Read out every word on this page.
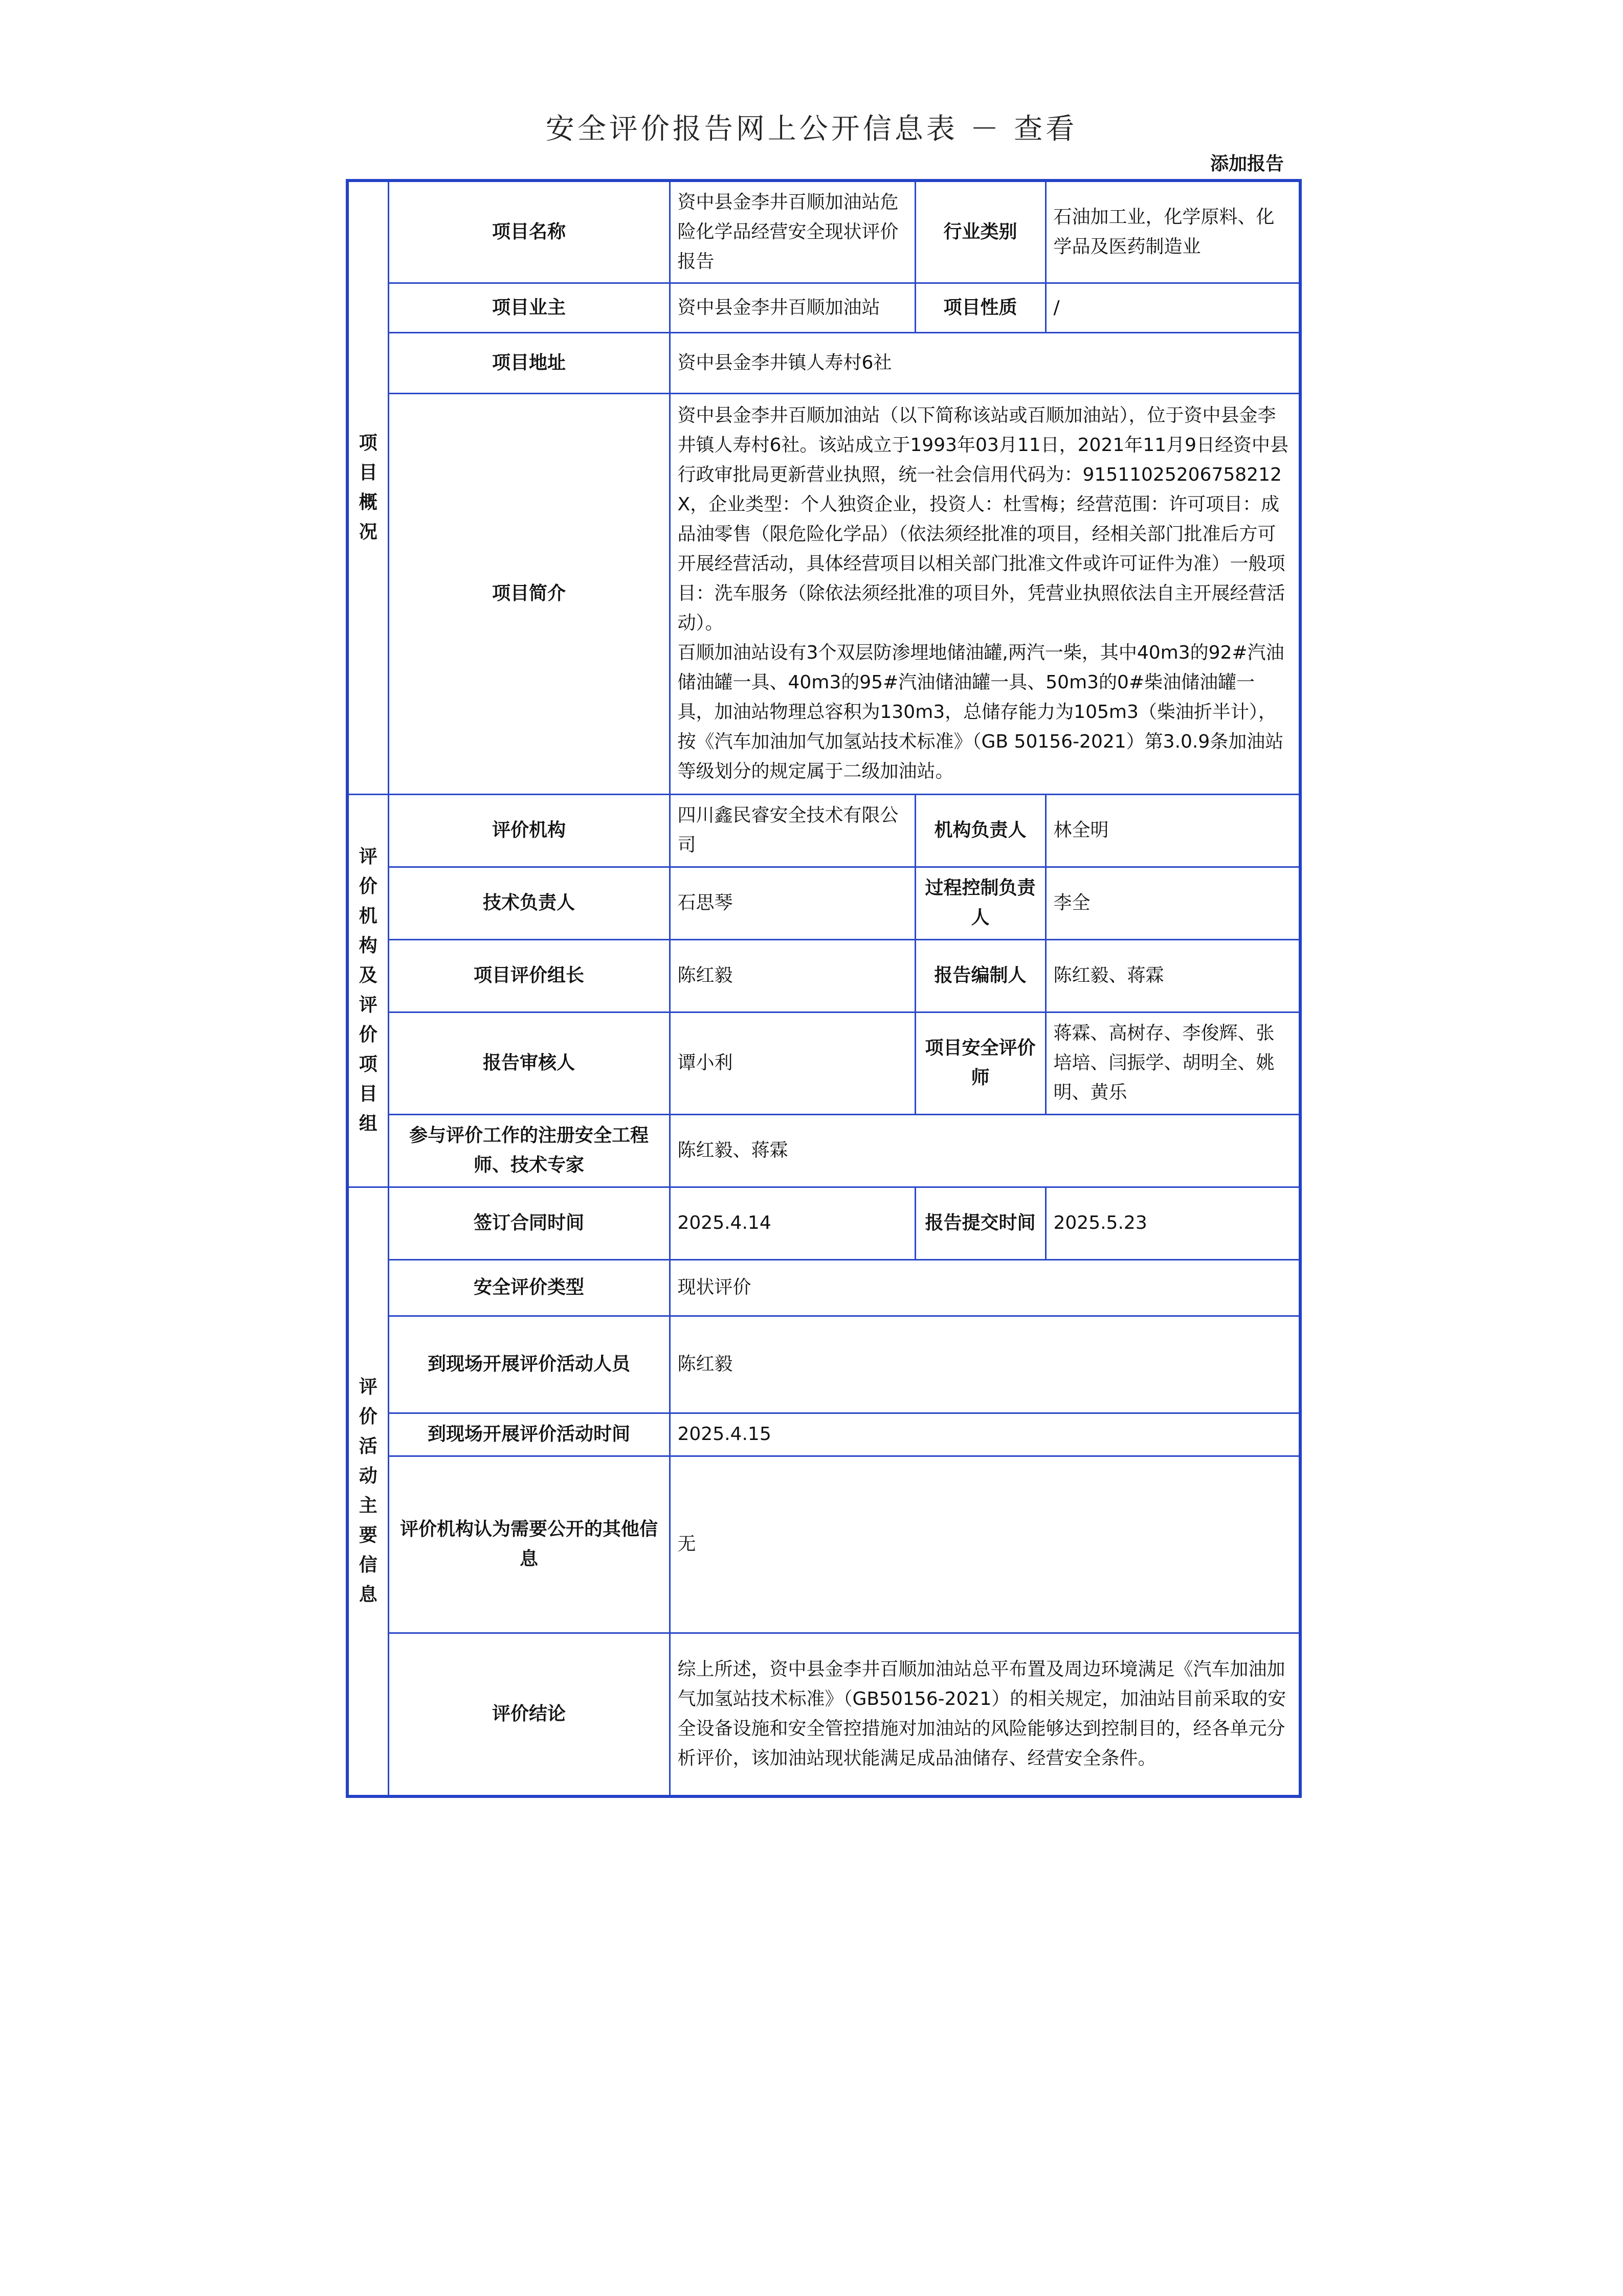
安全评价报告网上公开信息表 － 查看
添加报告
项目概况	项目名称	资中县金李井百顺加油站危险化学品经营安全现状评价报告	行业类别	石油加工业，化学原料、化学品及医药制造业
	项目业主	资中县金李井百顺加油站	项目性质	/
	项目地址	资中县金李井镇人寿村6社		
	项目简介	资中县金李井百顺加油站（以下简称该站或百顺加油站），位于资中县金李井镇人寿村6社。该站成立于1993年03月11日，2021年11月9日经资中县行政审批局更新营业执照，统一社会信用代码为：91511025206758212X，企业类型：个人独资企业，投资人：杜雪梅；经营范围：许可项目：成品油零售（限危险化学品）（依法须经批准的项目，经相关部门批准后方可开展经营活动，具体经营项目以相关部门批准文件或许可证件为准）一般项目：洗车服务（除依法须经批准的项目外，凭营业执照依法自主开展经营活动）。
百顺加油站设有3个双层防渗埋地储油罐,两汽一柴，其中40m3的92#汽油储油罐一具、40m3的95#汽油储油罐一具、50m3的0#柴油储油罐一具，加油站物理总容积为130m3，总储存能力为105m3（柴油折半计），按《汽车加油加气加氢站技术标准》（GB 50156-2021）第3.0.9条加油站等级划分的规定属于二级加油站。		

评价机构及评价项目组	评价机构	四川鑫民睿安全技术有限公司	机构负责人	林全明
	技术负责人	石思琴	过程控制负责人	李全
	项目评价组长	陈红毅	报告编制人	陈红毅、蒋霖
	报告审核人	谭小利	项目安全评价师	蒋霖、高树存、李俊辉、张培培、闫振学、胡明全、姚明、黄乐
	参与评价工作的注册安全工程师、技术专家	陈红毅、蒋霖		

评价活动主要信息	签订合同时间	2025.4.14	报告提交时间	2025.5.23
	安全评价类型	现状评价		
	到现场开展评价活动人员	陈红毅		
	到现场开展评价活动时间	2025.4.15		
	评价机构认为需要公开的其他信息	无		
	评价结论	综上所述，资中县金李井百顺加油站总平布置及周边环境满足《汽车加油加气加氢站技术标准》（GB50156-2021）的相关规定，加油站目前采取的安全设备设施和安全管控措施对加油站的风险能够达到控制目的，经各单元分析评价，该加油站现状能满足成品油储存、经营安全条件。		
